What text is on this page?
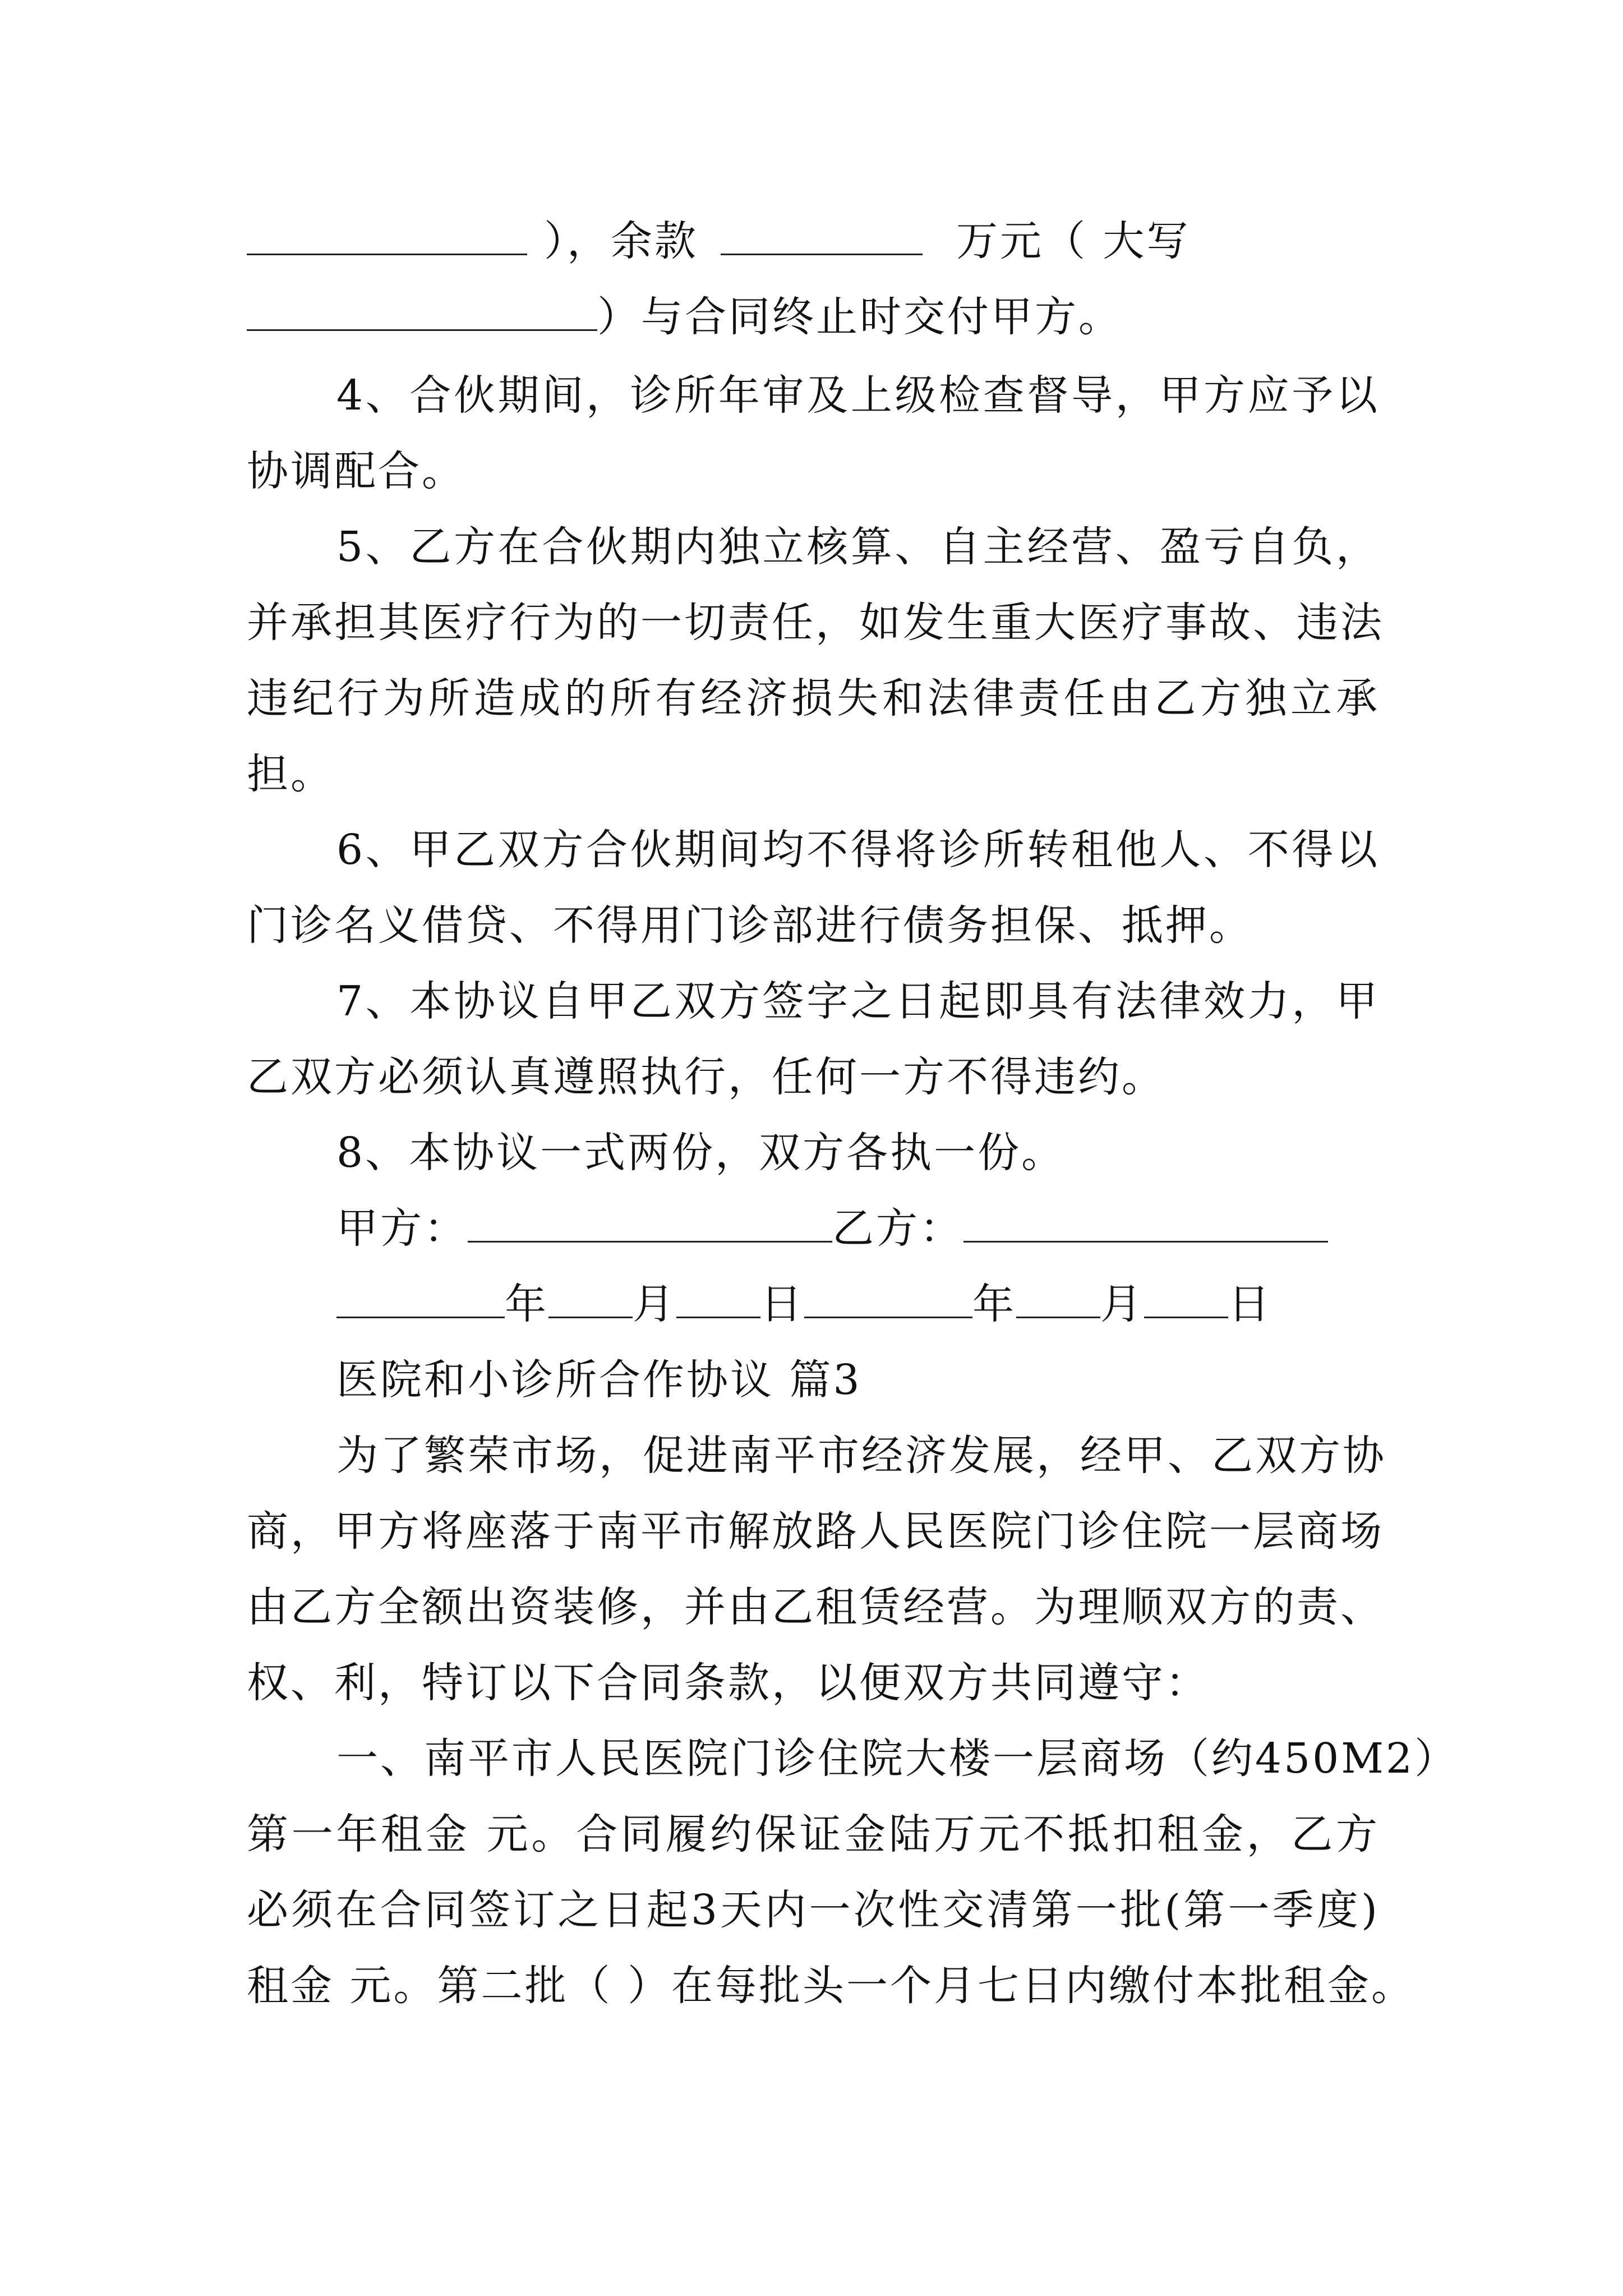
），余款	万元（ 大写
）与合同终止时交付甲方。
4、合伙期间，诊所年审及上级检查督导，甲方应予以
协调配合。
5、乙方在合伙期内独立核算、自主经营、盈亏自负，
并承担其医疗行为的一切责任，如发生重大医疗事故、违法
违纪行为所造成的所有经济损失和法律责任由乙方独立承
担。
6、甲乙双方合伙期间均不得将诊所转租他人、不得以
门诊名义借贷、不得用门诊部进行债务担保、抵押。
7、本协议自甲乙双方签字之日起即具有法律效力，甲
乙双方必须认真遵照执行，任何一方不得违约。
8、本协议一式两份，双方各执一份。
甲方：	乙方：
年 月 日	年 月 日
医院和小诊所合作协议 篇3
为了繁荣市场，促进南平市经济发展，经甲、乙双方协
商，甲方将座落于南平市解放路人民医院门诊住院一层商场
由乙方全额出资装修，并由乙租赁经营。为理顺双方的责、
权、利，特订以下合同条款，以便双方共同遵守：
一、南平市人民医院门诊住院大楼一层商场（约450M2）
第一年租金 元。合同履约保证金陆万元不抵扣租金，乙方
必须在合同签订之日起3天内一次性交清第一批(第一季度)
租金 元。第二批（ ）在每批头一个月七日内缴付本批租金。
